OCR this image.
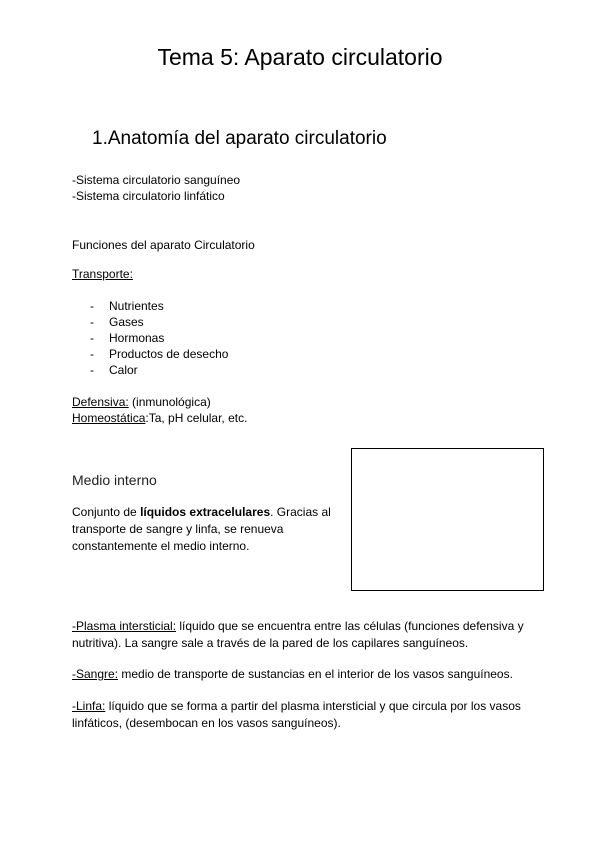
Tema 5: Aparato circulatorio
1.Anatomía del aparato circulatorio
-Sistema circulatorio sanguíneo
-Sistema circulatorio linfático
Funciones del aparato Circulatorio
Transporte:
-	Nutrientes
-	Gases
-	Hormonas
-	Productos de desecho
-	Calor
Defensiva: (inmunológica)
Homeostática:Ta, pH celular, etc.
Medio interno
Conjunto de líquidos extracelulares. Gracias al transporte de sangre y linfa, se renueva constantemente el medio interno.
-Plasma intersticial: líquido que se encuentra entre las células (funciones defensiva y nutritiva). La sangre sale a través de la pared de los capilares sanguíneos.
-Sangre: medio de transporte de sustancias en el interior de los vasos sanguíneos.
-Linfa: líquido que se forma a partir del plasma intersticial y que circula por los vasos linfáticos, (desembocan en los vasos sanguíneos).
